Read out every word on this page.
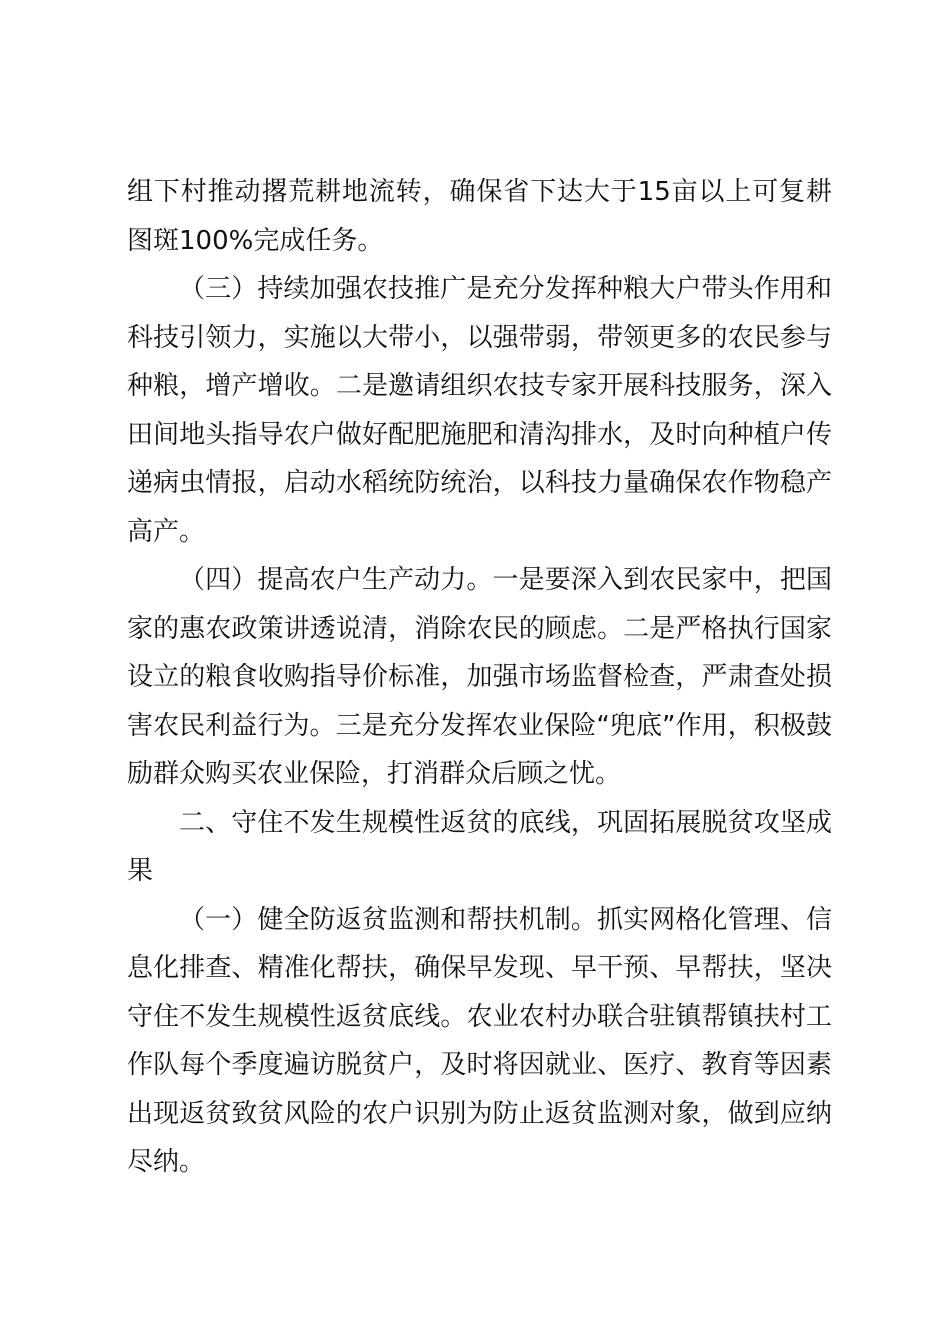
组下村推动撂荒耕地流转，确保省下达大于15亩以上可复耕图斑100%完成任务。

（三）持续加强农技推广是充分发挥种粮大户带头作用和科技引领力，实施以大带小，以强带弱，带领更多的农民参与种粮，增产增收。二是邀请组织农技专家开展科技服务，深入田间地头指导农户做好配肥施肥和清沟排水，及时向种植户传递病虫情报，启动水稻统防统治，以科技力量确保农作物稳产高产。

（四）提高农户生产动力。一是要深入到农民家中，把国家的惠农政策讲透说清，消除农民的顾虑。二是严格执行国家设立的粮食收购指导价标准，加强市场监督检查，严肃查处损害农民利益行为。三是充分发挥农业保险“兜底”作用，积极鼓励群众购买农业保险，打消群众后顾之忧。

二、守住不发生规模性返贫的底线，巩固拓展脱贫攻坚成果

（一）健全防返贫监测和帮扶机制。抓实网格化管理、信息化排查、精准化帮扶，确保早发现、早干预、早帮扶，坚决守住不发生规模性返贫底线。农业农村办联合驻镇帮镇扶村工作队每个季度遍访脱贫户，及时将因就业、医疗、教育等因素出现返贫致贫风险的农户识别为防止返贫监测对象，做到应纳尽纳。
